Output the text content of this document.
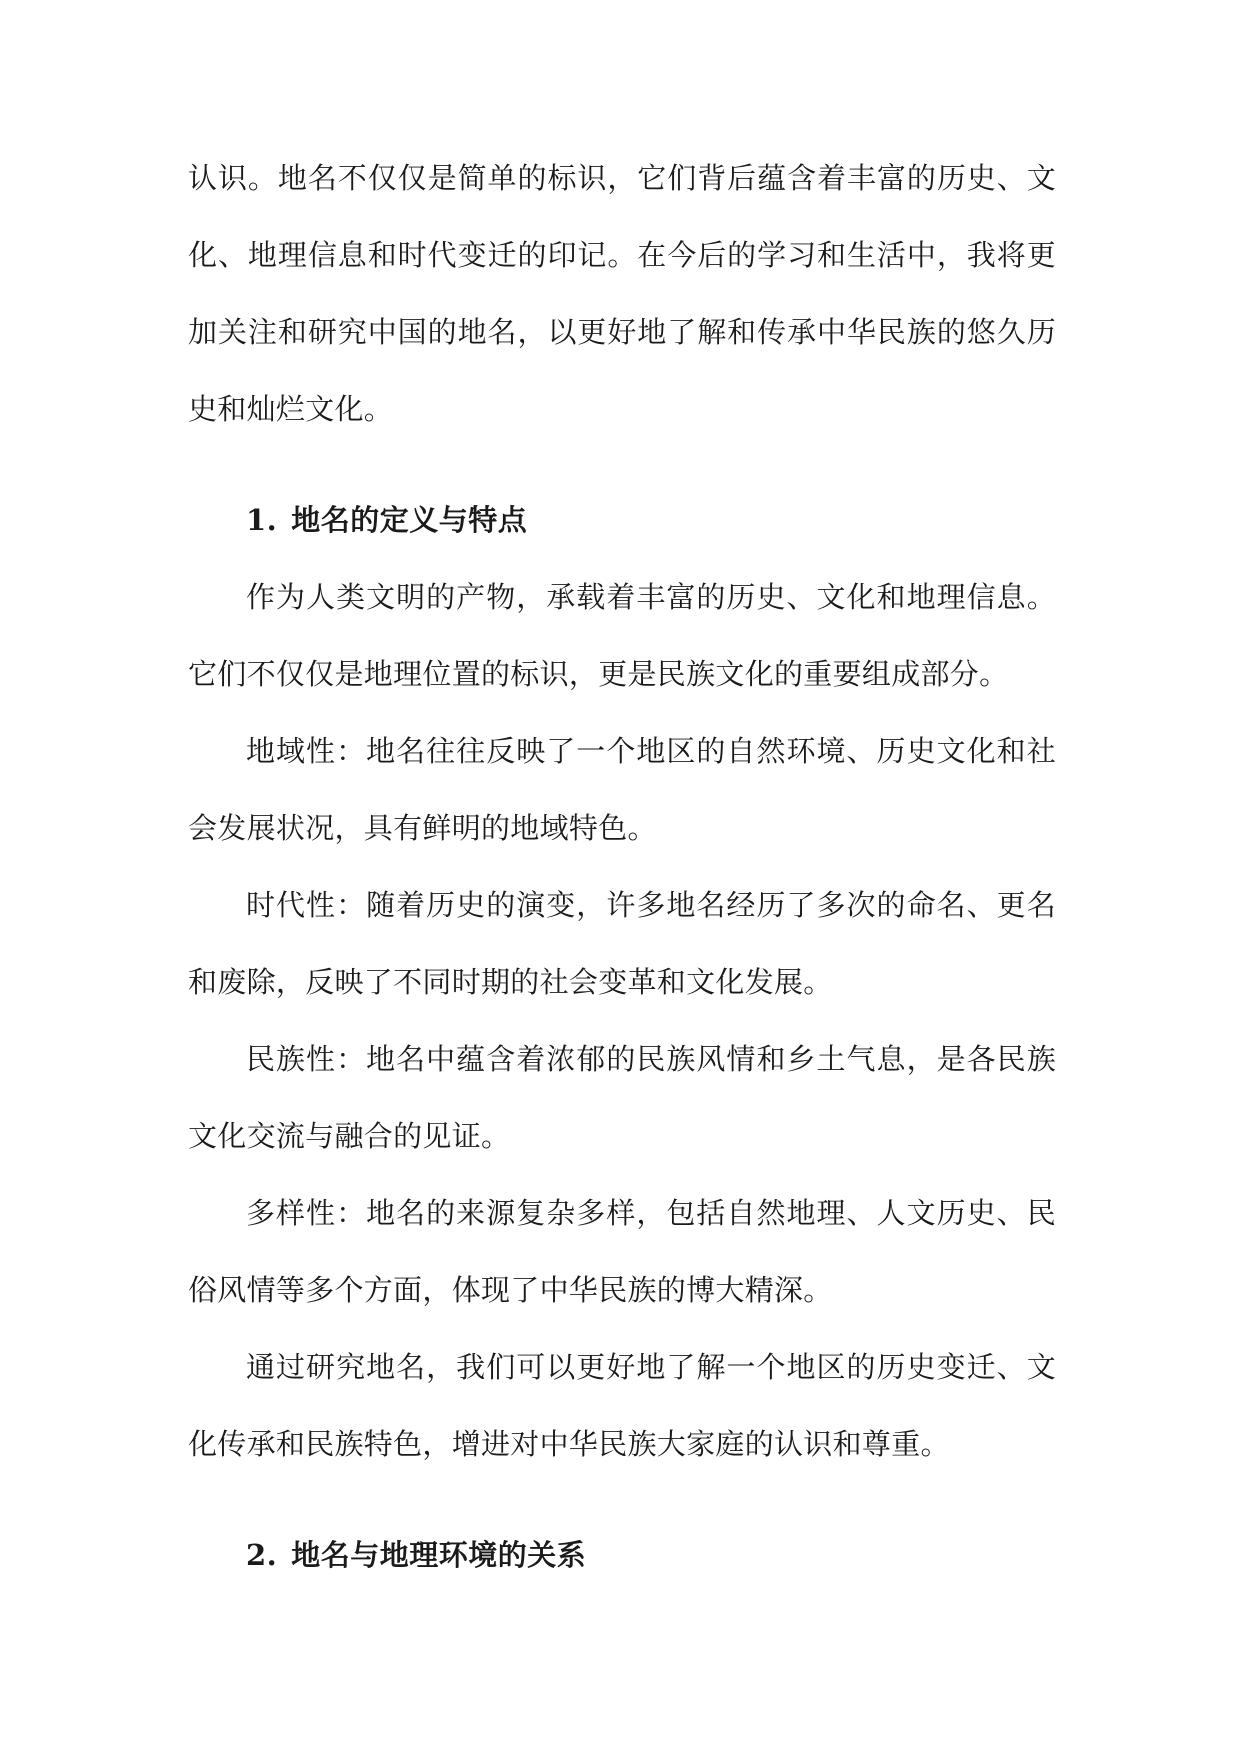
认识。地名不仅仅是简单的标识，它们背后蕴含着丰富的历史、文化、地理信息和时代变迁的印记。在今后的学习和生活中，我将更加关注和研究中国的地名，以更好地了解和传承中华民族的悠久历史和灿烂文化。

1. 地名的定义与特点

作为人类文明的产物，承载着丰富的历史、文化和地理信息。它们不仅仅是地理位置的标识，更是民族文化的重要组成部分。

地域性：地名往往反映了一个地区的自然环境、历史文化和社会发展状况，具有鲜明的地域特色。

时代性：随着历史的演变，许多地名经历了多次的命名、更名和废除，反映了不同时期的社会变革和文化发展。

民族性：地名中蕴含着浓郁的民族风情和乡土气息，是各民族文化交流与融合的见证。

多样性：地名的来源复杂多样，包括自然地理、人文历史、民俗风情等多个方面，体现了中华民族的博大精深。

通过研究地名，我们可以更好地了解一个地区的历史变迁、文化传承和民族特色，增进对中华民族大家庭的认识和尊重。

2. 地名与地理环境的关系
